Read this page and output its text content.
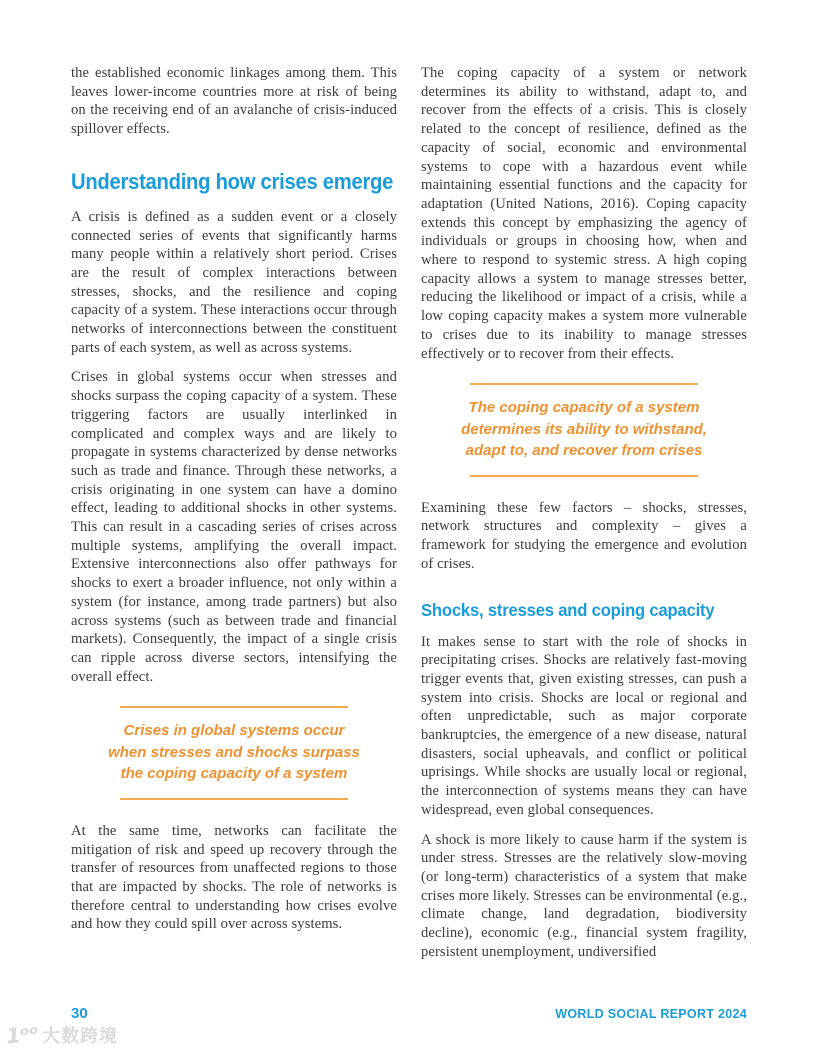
the established economic linkages among them. This leaves lower-income countries more at risk of being on the receiving end of an avalanche of crisis-induced spillover effects.

Understanding how crises emerge

A crisis is defined as a sudden event or a closely connected series of events that significantly harms many people within a relatively short period. Crises are the result of complex interactions between stresses, shocks, and the resilience and coping capacity of a system. These interactions occur through networks of interconnections between the constituent parts of each system, as well as across systems.

Crises in global systems occur when stresses and shocks surpass the coping capacity of a system. These triggering factors are usually interlinked in complicated and complex ways and are likely to propagate in systems characterized by dense networks such as trade and finance. Through these networks, a crisis originating in one system can have a domino effect, leading to additional shocks in other systems. This can result in a cascading series of crises across multiple systems, amplifying the overall impact. Extensive interconnections also offer pathways for shocks to exert a broader influence, not only within a system (for instance, among trade partners) but also across systems (such as between trade and financial markets). Consequently, the impact of a single crisis can ripple across diverse sectors, intensifying the overall effect.

Crises in global systems occur
when stresses and shocks surpass
the coping capacity of a system

At the same time, networks can facilitate the mitigation of risk and speed up recovery through the transfer of resources from unaffected regions to those that are impacted by shocks. The role of networks is therefore central to understanding how crises evolve and how they could spill over across systems.

The coping capacity of a system or network determines its ability to withstand, adapt to, and recover from the effects of a crisis. This is closely related to the concept of resilience, defined as the capacity of social, economic and environmental systems to cope with a hazardous event while maintaining essential functions and the capacity for adaptation (United Nations, 2016). Coping capacity extends this concept by emphasizing the agency of individuals or groups in choosing how, when and where to respond to systemic stress. A high coping capacity allows a system to manage stresses better, reducing the likelihood or impact of a crisis, while a low coping capacity makes a system more vulnerable to crises due to its inability to manage stresses effectively or to recover from their effects.

The coping capacity of a system
determines its ability to withstand,
adapt to, and recover from crises

Examining these few factors – shocks, stresses, network structures and complexity – gives a framework for studying the emergence and evolution of crises.

Shocks, stresses and coping capacity

It makes sense to start with the role of shocks in precipitating crises. Shocks are relatively fast-moving trigger events that, given existing stresses, can push a system into crisis. Shocks are local or regional and often unpredictable, such as major corporate bankruptcies, the emergence of a new disease, natural disasters, social upheavals, and conflict or political uprisings. While shocks are usually local or regional, the interconnection of systems means they can have widespread, even global consequences.

A shock is more likely to cause harm if the system is under stress. Stresses are the relatively slow-moving (or long-term) characteristics of a system that make crises more likely. Stresses can be environmental (e.g., climate change, land degradation, biodiversity decline), economic (e.g., financial system fragility, persistent unemployment, undiversified

30	WORLD SOCIAL REPORT 2024
1ᵒᵒ 大数跨境
